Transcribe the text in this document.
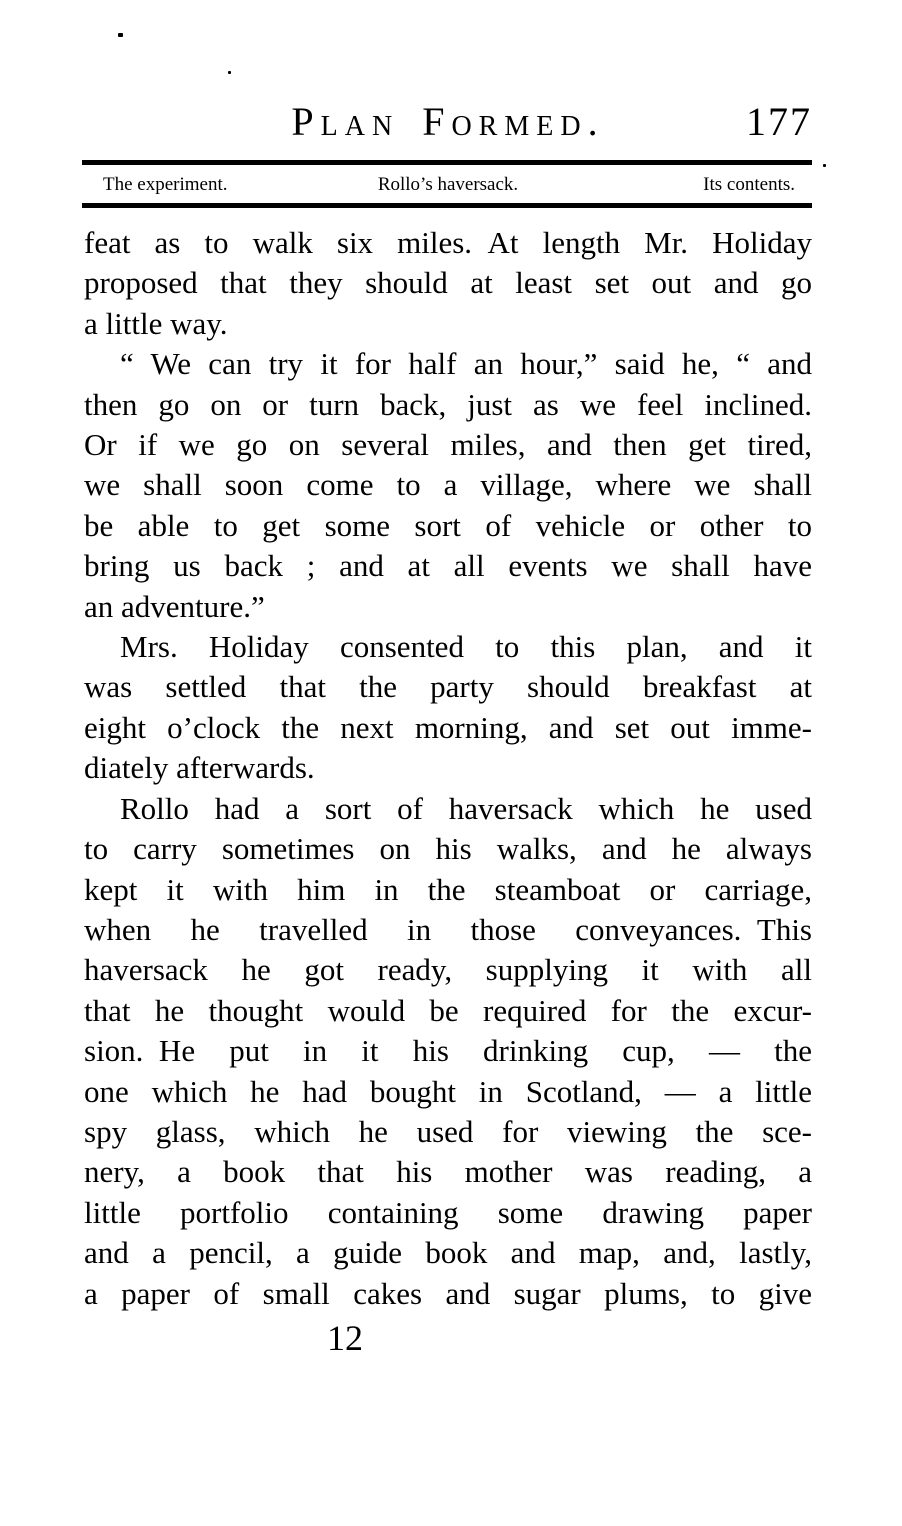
Plan Formed.	177
The experiment.	Rollo’s haversack.	Its contents.
feat as to walk six miles. At length Mr. Holiday
proposed that they should at least set out and go
a little way.
“ We can try it for half an hour,” said he, “ and
then go on or turn back, just as we feel inclined.
Or if we go on several miles, and then get tired,
we shall soon come to a village, where we shall
be able to get some sort of vehicle or other to
bring us back ; and at all events we shall have
an adventure.”
Mrs. Holiday consented to this plan, and it
was settled that the party should breakfast at
eight o’clock the next morning, and set out imme-
diately afterwards.
Rollo had a sort of haversack which he used
to carry sometimes on his walks, and he always
kept it with him in the steamboat or carriage,
when he travelled in those conveyances. This
haversack he got ready, supplying it with all
that he thought would be required for the excur-
sion. He put in it his drinking cup, — the
one which he had bought in Scotland, — a little
spy glass, which he used for viewing the sce-
nery, a book that his mother was reading, a
little portfolio containing some drawing paper
and a pencil, a guide book and map, and, lastly,
a paper of small cakes and sugar plums, to give
12
